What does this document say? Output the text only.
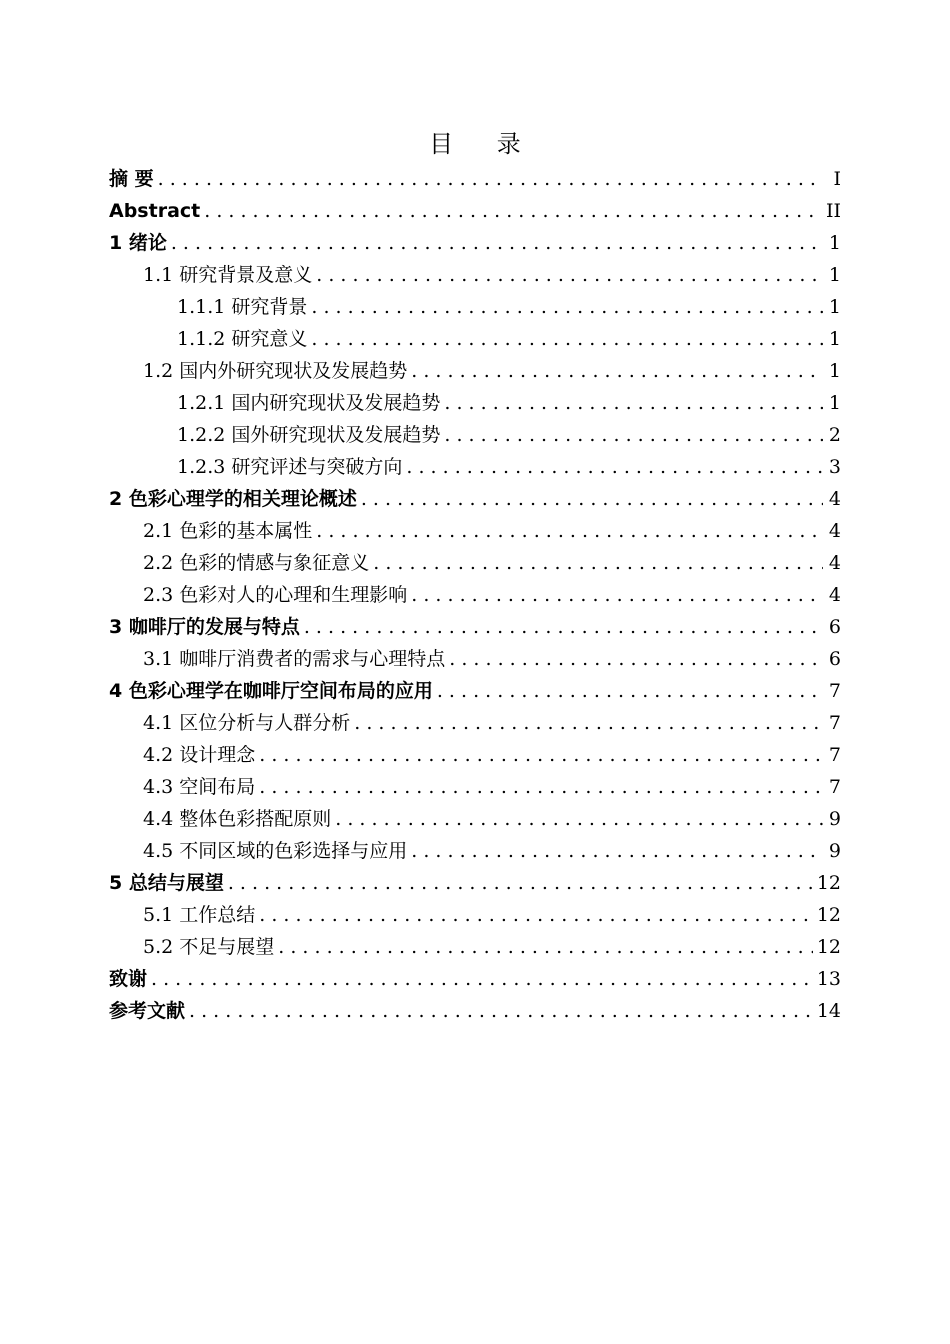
目 录
摘 要 . . .	I
Abstract . . .	II
1 绪论 . . .	1
1.1 研究背景及意义 . . .	1
1.1.1 研究背景 . . .	1
1.1.2 研究意义 . . .	1
1.2 国内外研究现状及发展趋势 . . .	1
1.2.1 国内研究现状及发展趋势 . . .	1
1.2.2 国外研究现状及发展趋势 . . .	2
1.2.3 研究评述与突破方向 . . .	3
2 色彩心理学的相关理论概述 . . .	4
2.1 色彩的基本属性 . . .	4
2.2 色彩的情感与象征意义 . . .	4
2.3 色彩对人的心理和生理影响 . . .	4
3 咖啡厅的发展与特点 . . .	6
3.1 咖啡厅消费者的需求与心理特点 . . .	6
4 色彩心理学在咖啡厅空间布局的应用 . . .	7
4.1 区位分析与人群分析 . . .	7
4.2 设计理念 . . .	7
4.3 空间布局 . . .	7
4.4 整体色彩搭配原则 . . .	9
4.5 不同区域的色彩选择与应用 . . .	9
5 总结与展望 . . .	12
5.1 工作总结 . . .	12
5.2 不足与展望 . . .	12
致谢 . . .	13
参考文献 . . .	14
